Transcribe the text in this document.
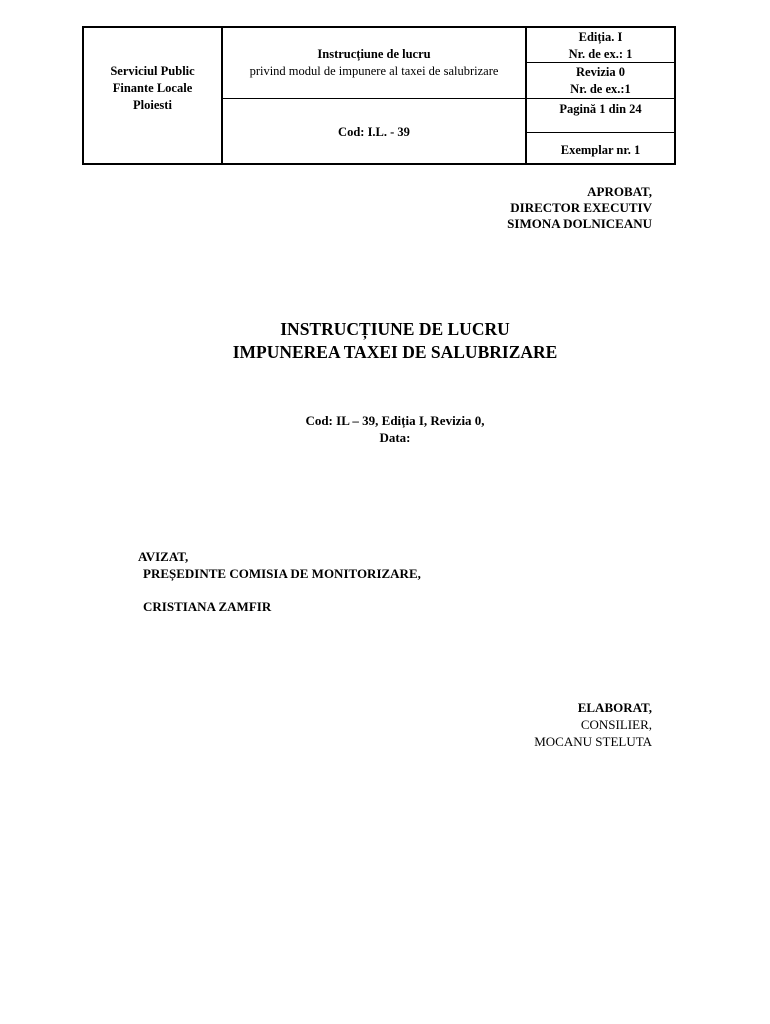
Serviciul Public
Finante Locale
Ploiesti
Instrucțiune de lucru
privind modul de impunere al taxei de salubrizare
Cod: I.L. - 39
Ediția. I
Nr. de ex.: 1
Revizia 0
Nr. de ex.:1
Pagină 1 din 24
Exemplar nr. 1
APROBAT,
DIRECTOR EXECUTIV
SIMONA DOLNICEANU
INSTRUCȚIUNE DE LUCRU
IMPUNEREA TAXEI DE SALUBRIZARE
Cod: IL – 39, Ediția I, Revizia 0,
Data:
AVIZAT,
PREȘEDINTE COMISIA DE MONITORIZARE,
CRISTIANA ZAMFIR
ELABORAT,
CONSILIER,
MOCANU STELUTA
